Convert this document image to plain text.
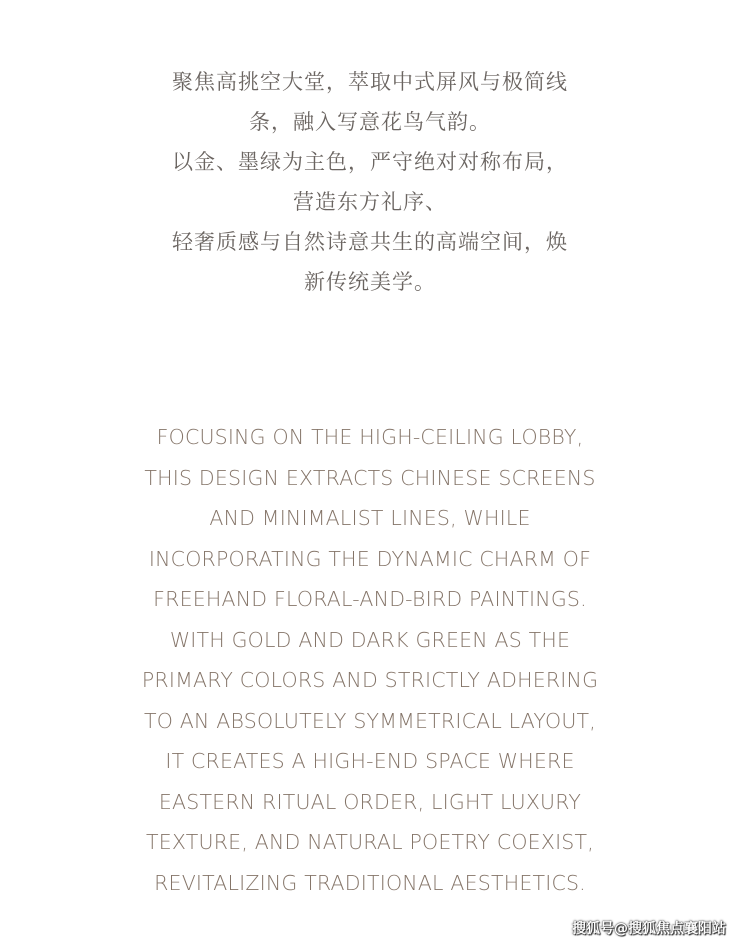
聚焦高挑空大堂，萃取中式屏风与极简线
条，融入写意花鸟气韵。
以金、墨绿为主色，严守绝对对称布局，
营造东方礼序、
轻奢质感与自然诗意共生的高端空间，焕
新传统美学。
FOCUSING ON THE HIGH-CEILING LOBBY,
THIS DESIGN EXTRACTS CHINESE SCREENS
AND MINIMALIST LINES, WHILE
INCORPORATING THE DYNAMIC CHARM OF
FREEHAND FLORAL-AND-BIRD PAINTINGS.
WITH GOLD AND DARK GREEN AS THE
PRIMARY COLORS AND STRICTLY ADHERING
TO AN ABSOLUTELY SYMMETRICAL LAYOUT,
IT CREATES A HIGH-END SPACE WHERE
EASTERN RITUAL ORDER, LIGHT LUXURY
TEXTURE, AND NATURAL POETRY COEXIST,
REVITALIZING TRADITIONAL AESTHETICS.
搜狐号@搜狐焦点襄阳站
